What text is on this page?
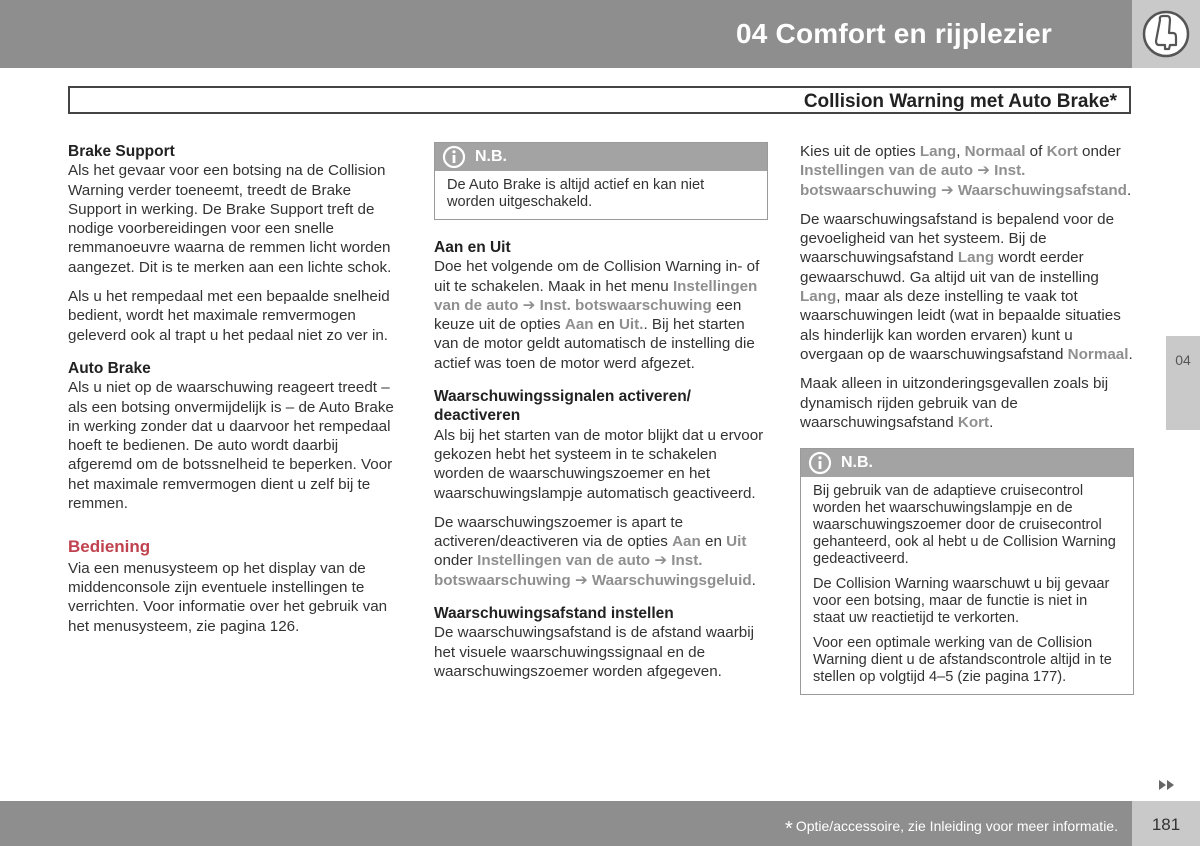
04 Comfort en rijplezier
Collision Warning met Auto Brake*
Brake Support

Als het gevaar voor een botsing na de Collision Warning verder toeneemt, treedt de Brake Support in werking. De Brake Support treft de nodige voorbereidingen voor een snelle remmanoeuvre waarna de remmen licht worden aangezet. Dit is te merken aan een lichte schok.

Als u het rempedaal met een bepaalde snelheid bedient, wordt het maximale remvermogen geleverd ook al trapt u het pedaal niet zo ver in.

Auto Brake

Als u niet op de waarschuwing reageert treedt – als een botsing onvermijdelijk is – de Auto Brake in werking zonder dat u daarvoor het rempedaal hoeft te bedienen. De auto wordt daarbij afgeremd om de botssnelheid te beperken. Voor het maximale remvermogen dient u zelf bij te remmen.

Bediening

Via een menusysteem op het display van de middenconsole zijn eventuele instellingen te verrichten. Voor informatie over het gebruik van het menusysteem, zie pagina 126.

N.B.

De Auto Brake is altijd actief en kan niet worden uitgeschakeld.

Aan en Uit

Doe het volgende om de Collision Warning in- of uit te schakelen. Maak in het menu Instellingen van de auto ➔ Inst. botswaarschuwing een keuze uit de opties Aan en Uit.. Bij het starten van de motor geldt automatisch de instelling die actief was toen de motor werd afgezet.

Waarschuwingssignalen activeren/ deactiveren

Als bij het starten van de motor blijkt dat u ervoor gekozen hebt het systeem in te schakelen worden de waarschuwingszoemer en het waarschuwingslampje automatisch geactiveerd.

De waarschuwingszoemer is apart te activeren/deactiveren via de opties Aan en Uit onder Instellingen van de auto ➔ Inst. botswaarschuwing ➔ Waarschuwingsgeluid.

Waarschuwingsafstand instellen

De waarschuwingsafstand is de afstand waarbij het visuele waarschuwingssignaal en de waarschuwingszoemer worden afgegeven.

Kies uit de opties Lang, Normaal of Kort onder Instellingen van de auto ➔ Inst. botswaarschuwing ➔ Waarschuwingsafstand.

De waarschuwingsafstand is bepalend voor de gevoeligheid van het systeem. Bij de waarschuwingsafstand Lang wordt eerder gewaarschuwd. Ga altijd uit van de instelling Lang, maar als deze instelling te vaak tot waarschuwingen leidt (wat in bepaalde situaties als hinderlijk kan worden ervaren) kunt u overgaan op de waarschuwingsafstand Normaal.

Maak alleen in uitzonderingsgevallen zoals bij dynamisch rijden gebruik van de waarschuwingsafstand Kort.

N.B.

Bij gebruik van de adaptieve cruisecontrol worden het waarschuwingslampje en de waarschuwingszoemer door de cruisecontrol gehanteerd, ook al hebt u de Collision Warning gedeactiveerd.

De Collision Warning waarschuwt u bij gevaar voor een botsing, maar de functie is niet in staat uw reactietijd te verkorten.

Voor een optimale werking van de Collision Warning dient u de afstandscontrole altijd in te stellen op volgtijd 4–5 (zie pagina 177).

04
* Optie/accessoire, zie Inleiding voor meer informatie.	181
